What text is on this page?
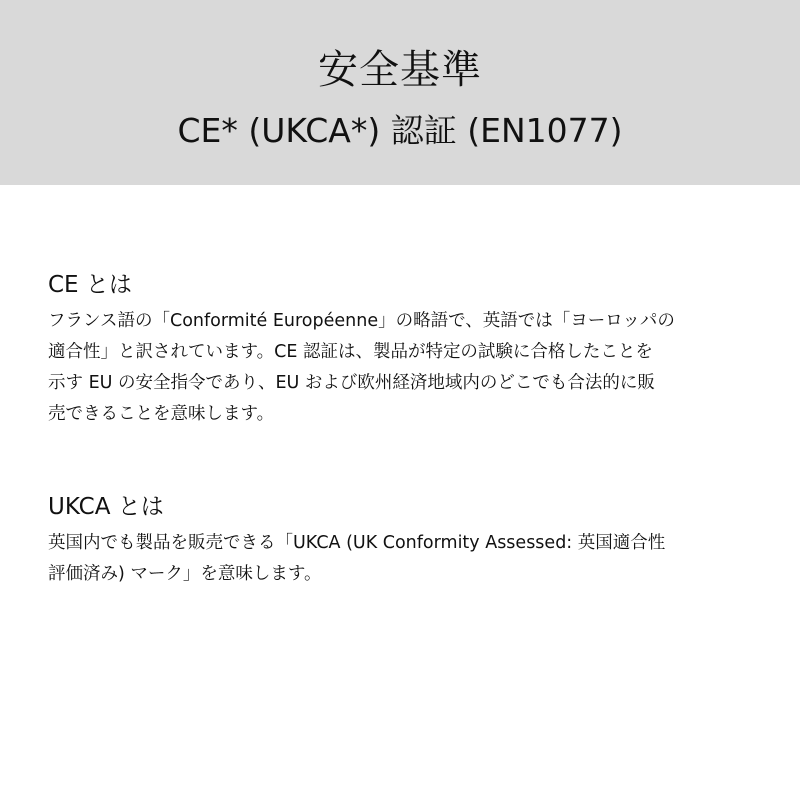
安全基準
CE* (UKCA*) 認証 (EN1077)
CE とは
フランス語の「Conformité Européenne」の略語で、英語では「ヨーロッパの
適合性」と訳されています。CE 認証は、製品が特定の試験に合格したことを
示す EU の安全指令であり、EU および欧州経済地域内のどこでも合法的に販
売できることを意味します。
UKCA とは
英国内でも製品を販売できる「UKCA (UK Conformity Assessed: 英国適合性
評価済み) マーク」を意味します。
